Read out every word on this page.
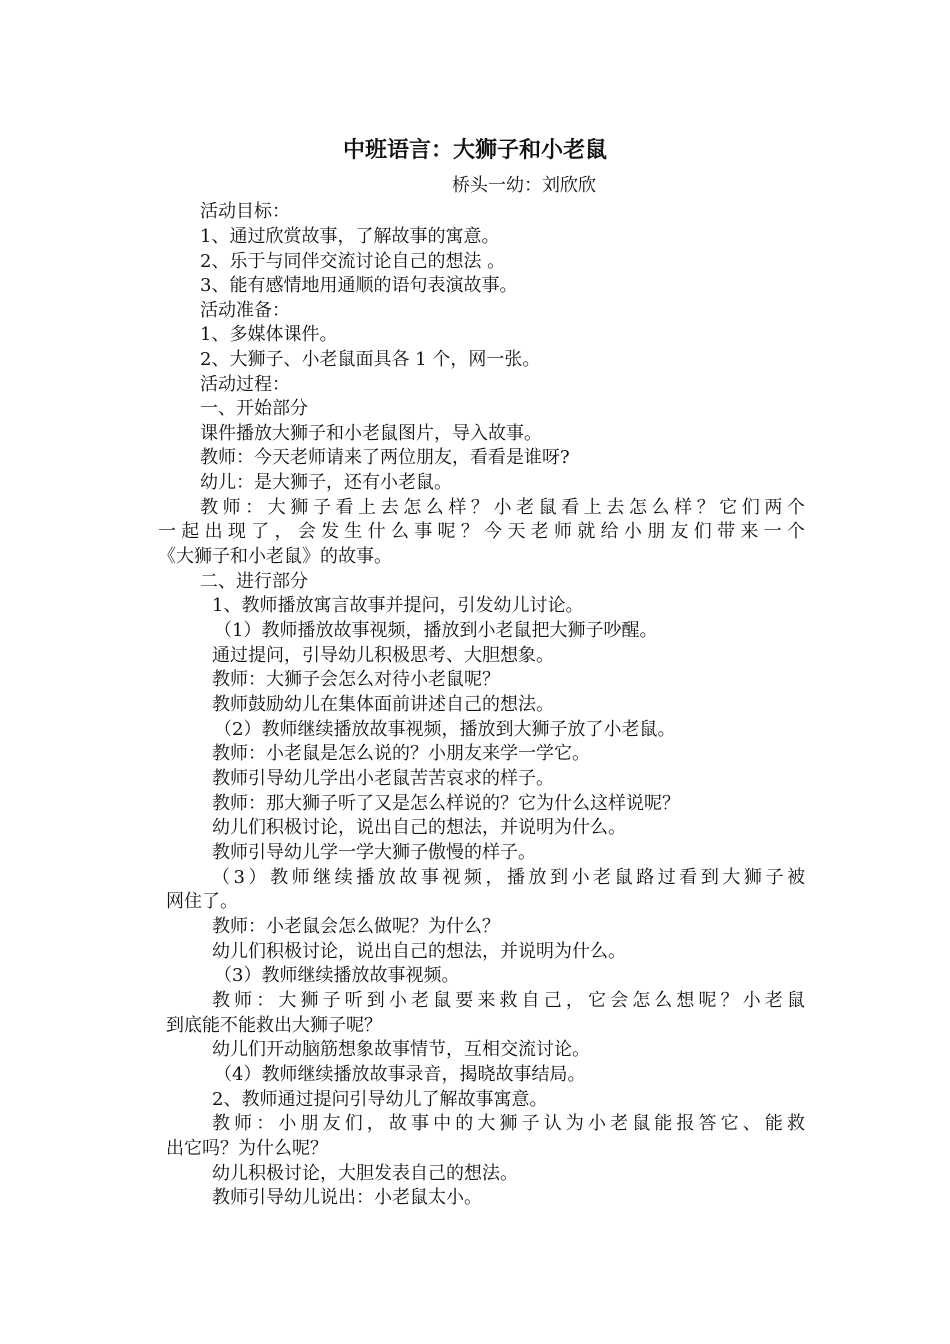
中班语言：大狮子和小老鼠
桥头一幼：刘欣欣
活动目标：
1、通过欣赏故事，了解故事的寓意。
2、乐于与同伴交流讨论自己的想法 。
3、能有感情地用通顺的语句表演故事。
活动准备：
1、多媒体课件。
2、大狮子、小老鼠面具各 1 个，网一张。
活动过程：
一、开始部分
课件播放大狮子和小老鼠图片，导入故事。
教师：今天老师请来了两位朋友，看看是谁呀?
幼儿：是大狮子，还有小老鼠。
教师：大狮子看上去怎么样？小老鼠看上去怎么样？它们两个
一起出现了，会发生什么事呢？今天老师就给小朋友们带来一个
《大狮子和小老鼠》的故事。
二、进行部分
1、教师播放寓言故事并提问，引发幼儿讨论。
（1）教师播放故事视频，播放到小老鼠把大狮子吵醒。
通过提问，引导幼儿积极思考、大胆想象。
教师：大狮子会怎么对待小老鼠呢？
教师鼓励幼儿在集体面前讲述自己的想法。
（2）教师继续播放故事视频，播放到大狮子放了小老鼠。
教师：小老鼠是怎么说的？小朋友来学一学它。
教师引导幼儿学出小老鼠苦苦哀求的样子。
教师：那大狮子听了又是怎么样说的？它为什么这样说呢？
幼儿们积极讨论，说出自己的想法，并说明为什么。
教师引导幼儿学一学大狮子傲慢的样子。
（3）教师继续播放故事视频，播放到小老鼠路过看到大狮子被
网住了。
教师：小老鼠会怎么做呢？为什么？
幼儿们积极讨论，说出自己的想法，并说明为什么。
（3）教师继续播放故事视频。
教师：大狮子听到小老鼠要来救自己，它会怎么想呢？小老鼠
到底能不能救出大狮子呢？
幼儿们开动脑筋想象故事情节，互相交流讨论。
（4）教师继续播放故事录音，揭晓故事结局。
2、教师通过提问引导幼儿了解故事寓意。
教师：小朋友们，故事中的大狮子认为小老鼠能报答它、能救
出它吗？为什么呢？
幼儿积极讨论，大胆发表自己的想法。
教师引导幼儿说出：小老鼠太小。
